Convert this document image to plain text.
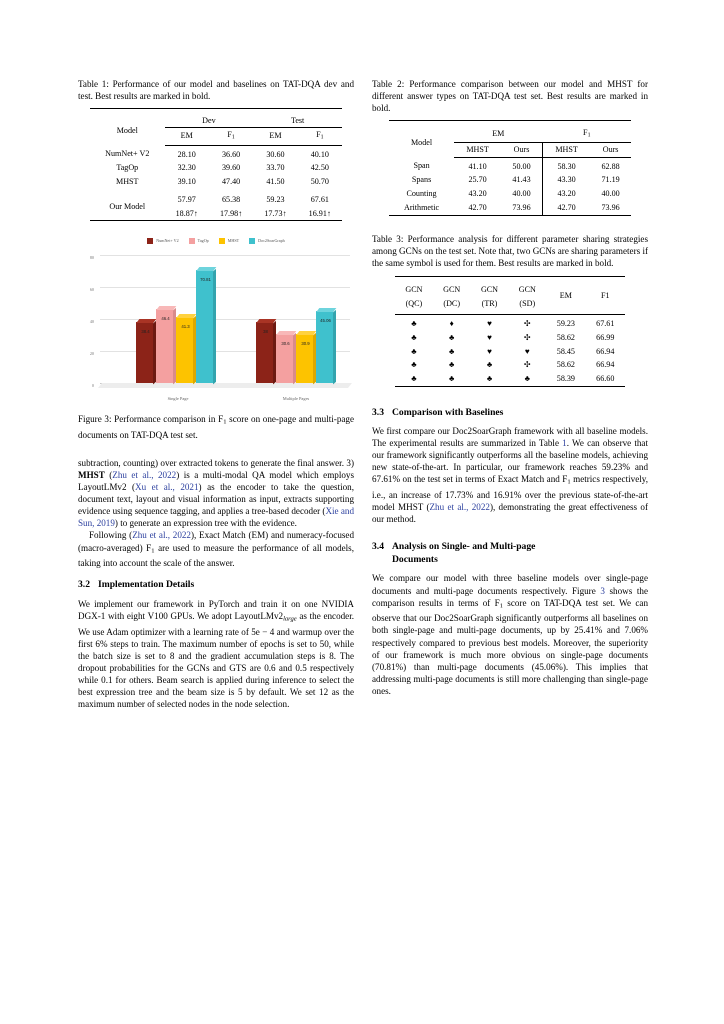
Table 1: Performance of our model and baselines on TAT-DQA dev and test. Best results are marked in bold.

Model	Dev		Test	
	EM	$F_1$	EM	$F_1$
NumNet+ V2	28.10	36.60	30.60	40.10
TagOp	32.30	39.60	33.70	42.50
MHST	39.10	47.40	41.50	50.70
Our Model	57.97	65.38	59.23	67.61
	18.87↑	17.98↑	17.73↑	16.91↑

NumNet+ V2	TagOp	MHST	Doc2SoarGraph
80
60
40
20
0
38.4
46.4
41.3
70.81
38
30.6	30.9
45.06
Single Page	Multiple Pages
Figure 3: Performance comparison in $F_1$ score on one-page and multi-page documents on TAT-DQA test set.

subtraction, counting) over extracted tokens to generate the final answer. 3) MHST (Zhu et al., 2022) is a multi-modal QA model which employs LayoutLMv2 (Xu et al., 2021) as the encoder to take the question, document text, layout and visual information as input, extracts supporting evidence using sequence tagging, and applies a tree-based decoder (Xie and Sun, 2019) to generate an expression tree with the evidence.

Following (Zhu et al., 2022), Exact Match (EM) and numeracy-focused (macro-averaged) $F_1$ are used to measure the performance of all models, taking into account the scale of the answer.

3.2 Implementation Details

We implement our framework in PyTorch and train it on one NVIDIA DGX-1 with eight V100 GPUs. We adopt $LayoutLMv2_{large}$ as the encoder. We use Adam optimizer with a learning rate of 5e − 4 and warmup over the first 6% steps to train. The maximum number of epochs is set to 50, while the batch size is set to 8 and the gradient accumulation steps is 8. The dropout probabilities for the GCNs and GTS are 0.6 and 0.5 respectively while 0.1 for others. Beam search is applied during inference to select the best expression tree and the beam size is 5 by default. We set 12 as the maximum number of selected nodes in the node selection.

Table 2: Performance comparison between our model and MHST for different answer types on TAT-DQA test set. Best results are marked in bold.

Model	EM		$F_1$
	MHST	Ours	MHST	Ours
Span	41.10	50.00	58.30	62.88
Spans	25.70	41.43	43.30	71.19
Counting	43.20	40.00	43.20	40.00
Arithmetic	42.70	73.96	42.70	73.96

Table 3: Performance analysis for different parameter sharing strategies among GCNs on the test set. Note that, two GCNs are sharing parameters if the same symbol is used for them. Best results are marked in bold.

GCN	GCN	GCN	GCN	EM	F1
(QC)	(DC)	(TR)	(SD)		

♣	♦	♥	✣	59.23	67.61
♣	♣	♥	✣	58.62	66.99
♣	♣	♥	♥	58.45	66.94
♣	♣	♣	✣	58.62	66.94
♣	♣	♣	♣	58.39	66.60

3.3 Comparison with Baselines

We first compare our Doc2SoarGraph framework with all baseline models. The experimental results are summarized in Table 1. We can observe that our framework significantly outperforms all the baseline models, achieving new state-of-the-art. In particular, our framework reaches 59.23% and 67.61% on the test set in terms of Exact Match and $F_1$ metrics respectively, i.e., an increase of 17.73% and 16.91% over the previous state-of-the-art model MHST (Zhu et al., 2022), demonstrating the great effectiveness of our method.

3.4 Analysis on Single- and Multi-page
Documents

We compare our model with three baseline models over single-page documents and multi-page documents respectively. Figure 3 shows the comparison results in terms of $F_1$ score on TAT-DQA test set. We can observe that our Doc2SoarGraph significantly outperforms all baselines on both single-page and multi-page documents, up by 25.41% and 7.06% respectively compared to previous best models. Moreover, the superiority of our framework is much more obvious on single-page documents (70.81%) than multi-page documents (45.06%). This implies that addressing multi-page documents is still more challenging than single-page ones.
